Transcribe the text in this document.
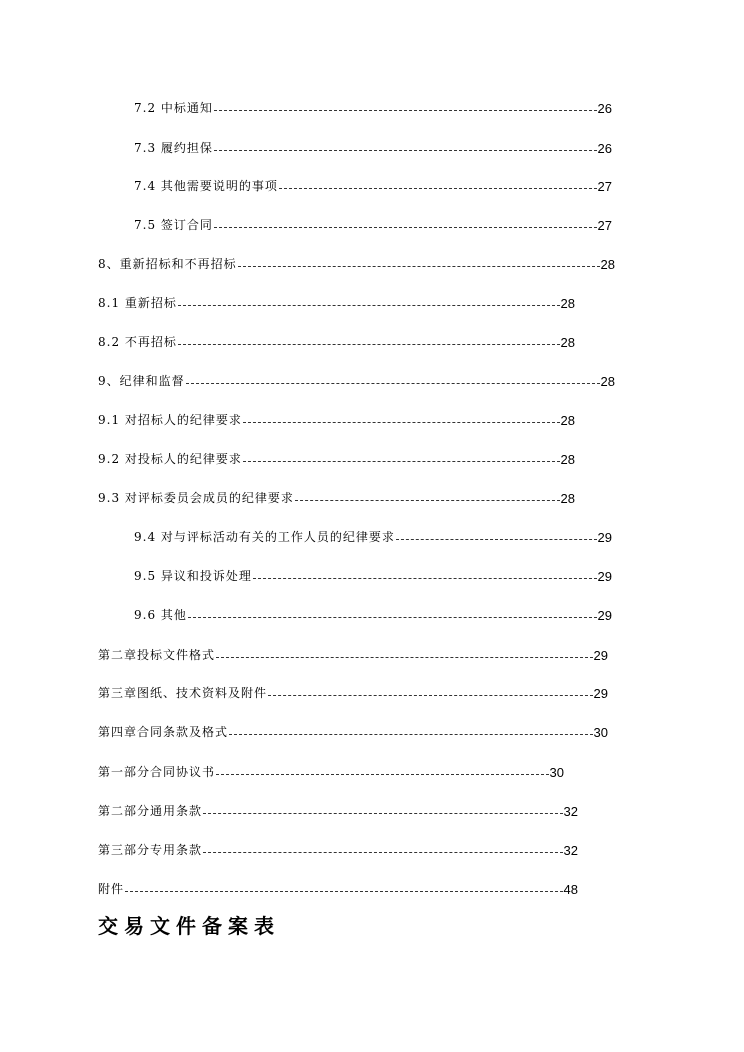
7.2 中标通知	26
7.3 履约担保	26
7.4 其他需要说明的事项	27
7.5 签订合同	27
8、重新招标和不再招标	28
8.1 重新招标	28
8.2 不再招标	28
9、纪律和监督	28
9.1 对招标人的纪律要求	28
9.2 对投标人的纪律要求	28
9.3 对评标委员会成员的纪律要求	28
9.4 对与评标活动有关的工作人员的纪律要求	29
9.5 异议和投诉处理	29
9.6 其他	29
第二章投标文件格式	29
第三章图纸、技术资料及附件	29
第四章合同条款及格式	30
第一部分合同协议书	30
第二部分通用条款	32
第三部分专用条款	32
附件	48
交易文件备案表
